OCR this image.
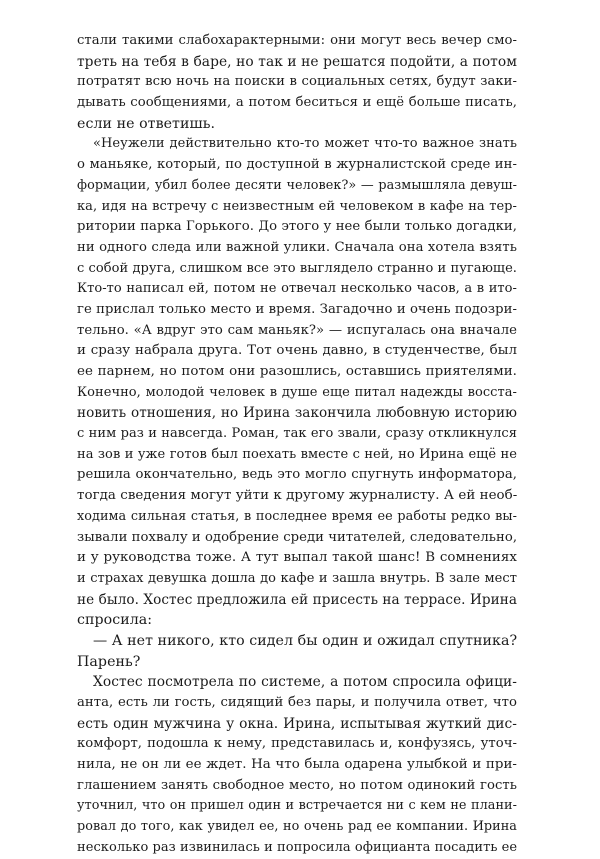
стали такими слабохарактерными: они могут весь вечер смо-
треть на тебя в баре, но так и не решатся подойти, а потом
потратят всю ночь на поиски в социальных сетях, будут заки-
дывать сообщениями, а потом беситься и ещё больше писать,
если не ответишь.
«Неужели действительно кто-то может что-то важное знать
о маньяке, который, по доступной в журналистской среде ин-
формации, убил более десяти человек?» — размышляла девуш-
ка, идя на встречу с неизвестным ей человеком в кафе на тер-
ритории парка Горького. До этого у нее были только догадки,
ни одного следа или важной улики. Сначала она хотела взять
с собой друга, слишком все это выглядело странно и пугающе.
Кто-то написал ей, потом не отвечал несколько часов, а в ито-
ге прислал только место и время. Загадочно и очень подозри-
тельно. «А вдруг это сам маньяк?» — испугалась она вначале
и сразу набрала друга. Тот очень давно, в студенчестве, был
ее парнем, но потом они разошлись, оставшись приятелями.
Конечно, молодой человек в душе еще питал надежды восста-
новить отношения, но Ирина закончила любовную историю
с ним раз и навсегда. Роман, так его звали, сразу откликнулся
на зов и уже готов был поехать вместе с ней, но Ирина ещё не
решила окончательно, ведь это могло спугнуть информатора,
тогда сведения могут уйти к другому журналисту. А ей необ-
ходима сильная статья, в последнее время ее работы редко вы-
зывали похвалу и одобрение среди читателей, следовательно,
и у руководства тоже. А тут выпал такой шанс! В сомнениях
и страхах девушка дошла до кафе и зашла внутрь. В зале мест
не было. Хостес предложила ей присесть на террасе. Ирина
спросила:
— А нет никого, кто сидел бы один и ожидал спутника?
Парень?
Хостес посмотрела по системе, а потом спросила офици-
анта, есть ли гость, сидящий без пары, и получила ответ, что
есть один мужчина у окна. Ирина, испытывая жуткий дис-
комфорт, подошла к нему, представилась и, конфузясь, уточ-
нила, не он ли ее ждет. На что была одарена улыбкой и при-
глашением занять свободное место, но потом одинокий гость
уточнил, что он пришел один и встречается ни с кем не плани-
ровал до того, как увидел ее, но очень рад ее компании. Ирина
несколько раз извинилась и попросила официанта посадить ее
